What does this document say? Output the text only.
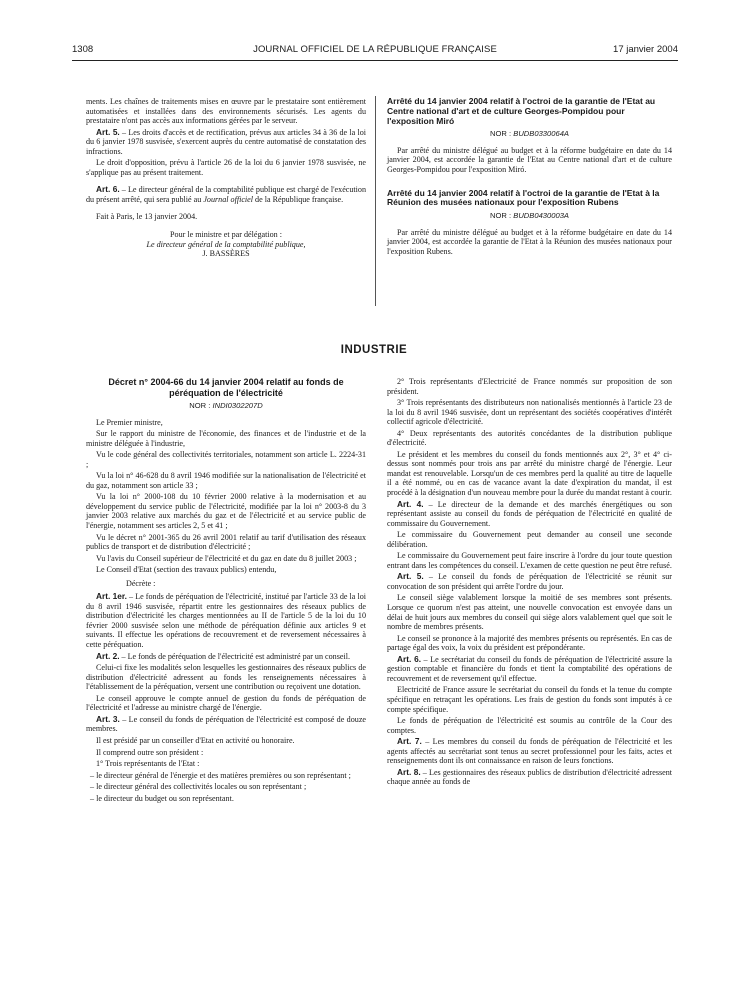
1308	JOURNAL OFFICIEL DE LA RÉPUBLIQUE FRANÇAISE	17 janvier 2004

ments. Les chaînes de traitements mises en œuvre par le prestataire sont entièrement automatisées et installées dans des environnements sécurisés. Les agents du prestataire n'ont pas accès aux informations gérées par le serveur.

Art. 5. – Les droits d'accès et de rectification, prévus aux articles 34 à 36 de la loi du 6 janvier 1978 susvisée, s'exercent auprès du centre automatisé de constatation des infractions.

Le droit d'opposition, prévu à l'article 26 de la loi du 6 janvier 1978 susvisée, ne s'applique pas au présent traitement.

Art. 6. – Le directeur général de la comptabilité publique est chargé de l'exécution du présent arrêté, qui sera publié au Journal officiel de la République française.

Fait à Paris, le 13 janvier 2004.

Pour le ministre et par délégation :

Le directeur général de la comptabilité publique,

J. BASSÈRES

Arrêté du 14 janvier 2004 relatif à l'octroi de la garantie de l'Etat au Centre national d'art et de culture Georges-Pompidou pour l'exposition Miró

NOR : BUDB0330064A

Par arrêté du ministre délégué au budget et à la réforme budgétaire en date du 14 janvier 2004, est accordée la garantie de l'Etat au Centre national d'art et de culture Georges-Pompidou pour l'exposition Miró.

Arrêté du 14 janvier 2004 relatif à l'octroi de la garantie de l'Etat à la Réunion des musées nationaux pour l'exposition Rubens

NOR : BUDB0430003A

Par arrêté du ministre délégué au budget et à la réforme budgétaire en date du 14 janvier 2004, est accordée la garantie de l'Etat à la Réunion des musées nationaux pour l'exposition Rubens.

INDUSTRIE

Décret n° 2004-66 du 14 janvier 2004 relatif au fonds de péréquation de l'électricité

NOR : INDI0302207D

Le Premier ministre,

Sur le rapport du ministre de l'économie, des finances et de l'industrie et de la ministre déléguée à l'industrie,

Vu le code général des collectivités territoriales, notamment son article L. 2224-31 ;

Vu la loi n° 46-628 du 8 avril 1946 modifiée sur la nationalisation de l'électricité et du gaz, notamment son article 33 ;

Vu la loi n° 2000-108 du 10 février 2000 relative à la modernisation et au développement du service public de l'électricité, modifiée par la loi n° 2003-8 du 3 janvier 2003 relative aux marchés du gaz et de l'électricité et au service public de l'énergie, notamment ses articles 2, 5 et 41 ;

Vu le décret n° 2001-365 du 26 avril 2001 relatif au tarif d'utilisation des réseaux publics de transport et de distribution d'électricité ;

Vu l'avis du Conseil supérieur de l'électricité et du gaz en date du 8 juillet 2003 ;

Le Conseil d'Etat (section des travaux publics) entendu,

Décrète :

Art. 1er. – Le fonds de péréquation de l'électricité, institué par l'article 33 de la loi du 8 avril 1946 susvisée, répartit entre les gestionnaires des réseaux publics de distribution d'électricité les charges mentionnées au II de l'article 5 de la loi du 10 février 2000 susvisée selon une méthode de péréquation définie aux articles 9 et suivants. Il effectue les opérations de recouvrement et de reversement nécessaires à cette péréquation.

Art. 2. – Le fonds de péréquation de l'électricité est administré par un conseil.

Celui-ci fixe les modalités selon lesquelles les gestionnaires des réseaux publics de distribution d'électricité adressent au fonds les renseignements nécessaires à l'établissement de la péréquation, versent une contribution ou reçoivent une dotation.

Le conseil approuve le compte annuel de gestion du fonds de péréquation de l'électricité et l'adresse au ministre chargé de l'énergie.

Art. 3. – Le conseil du fonds de péréquation de l'électricité est composé de douze membres.

Il est présidé par un conseiller d'Etat en activité ou honoraire.

Il comprend outre son président :

1° Trois représentants de l'Etat :

– le directeur général de l'énergie et des matières premières ou son représentant ;

– le directeur général des collectivités locales ou son représentant ;

– le directeur du budget ou son représentant.

2° Trois représentants d'Electricité de France nommés sur proposition de son président.

3° Trois représentants des distributeurs non nationalisés mentionnés à l'article 23 de la loi du 8 avril 1946 susvisée, dont un représentant des sociétés coopératives d'intérêt collectif agricole d'électricité.

4° Deux représentants des autorités concédantes de la distribution publique d'électricité.

Le président et les membres du conseil du fonds mentionnés aux 2°, 3° et 4° ci-dessus sont nommés pour trois ans par arrêté du ministre chargé de l'énergie. Leur mandat est renouvelable. Lorsqu'un de ces membres perd la qualité au titre de laquelle il a été nommé, ou en cas de vacance avant la date d'expiration du mandat, il est procédé à la désignation d'un nouveau membre pour la durée du mandat restant à courir.

Art. 4. – Le directeur de la demande et des marchés énergétiques ou son représentant assiste au conseil du fonds de péréquation de l'électricité en qualité de commissaire du Gouvernement.

Le commissaire du Gouvernement peut demander au conseil une seconde délibération.

Le commissaire du Gouvernement peut faire inscrire à l'ordre du jour toute question entrant dans les compétences du conseil. L'examen de cette question ne peut être refusé.

Art. 5. – Le conseil du fonds de péréquation de l'électricité se réunit sur convocation de son président qui arrête l'ordre du jour.

Le conseil siège valablement lorsque la moitié de ses membres sont présents. Lorsque ce quorum n'est pas atteint, une nouvelle convocation est envoyée dans un délai de huit jours aux membres du conseil qui siège alors valablement quel que soit le nombre de membres présents.

Le conseil se prononce à la majorité des membres présents ou représentés. En cas de partage égal des voix, la voix du président est prépondérante.

Art. 6. – Le secrétariat du conseil du fonds de péréquation de l'électricité assure la gestion comptable et financière du fonds et tient la comptabilité des opérations de recouvrement et de reversement qu'il effectue.

Electricité de France assure le secrétariat du conseil du fonds et la tenue du compte spécifique en retraçant les opérations. Les frais de gestion du fonds sont imputés à ce compte spécifique.

Le fonds de péréquation de l'électricité est soumis au contrôle de la Cour des comptes.

Art. 7. – Les membres du conseil du fonds de péréquation de l'électricité et les agents affectés au secrétariat sont tenus au secret professionnel pour les faits, actes et renseignements dont ils ont connaissance en raison de leurs fonctions.

Art. 8. – Les gestionnaires des réseaux publics de distribution d'électricité adressent chaque année au fonds de
